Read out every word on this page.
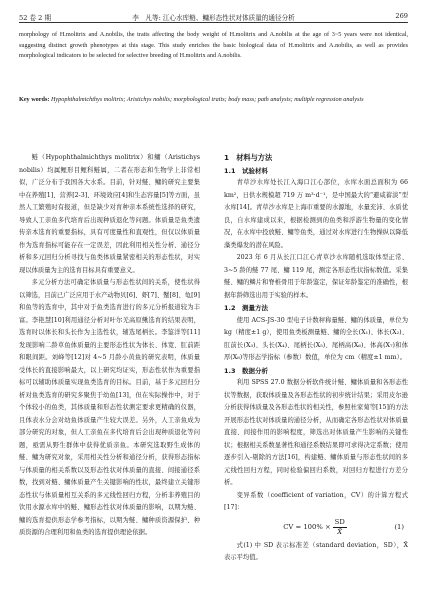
52 卷 2 期	李　凡等: 江心水库鲢、鳙形态性状对体质量的通径分析	269
morphology of H.molitrix and A.nobilis, the traits affecting the body weight of H.molitrix and A.nobilis at the age of 3~5 years were not identical, suggesting distinct growth phenotypes at this stage. This study enriches the basic biological data of H.molitrix and A.nobilis, as well as provides morphological indicators to be selected for selective breeding of H.molitrix and A.nobilis.
Key words: Hypophthalmichthys molitrix; Aristichys nobilis; morphological traits; body mass; path analysis; multiple regression analysis

鲢（Hypophthalmichthys molitrix）和鳙（Aristichys nobilis）均属鲤形目鲤科鲢属，二者在形态和生物学上非常相似，广泛分布于我国各大水系。目前，针对鲢、鳙的研究主要集中在养殖[1]、营养[2-3]、环境效应[4]和生态容量[5]等方面，虽然人工繁殖时有报道，但是缺少对育种亲本系统性选择的研究，导致人工亲鱼多代培育后出现种质退化等问题。体质量是鱼类遗传亲本选育的重要指标，具有可度量性和直观性，但仅以体质量作为选育指标可能存在一定误差，因此利用相关性分析、通径分析和多元回归分析寻找与鱼类体质量紧密相关的形态性状，对实现以体质量为主的选育目标具有重要意义。

多元分析方法可确定体质量与形态性状间的关系，使性状得以筛选，目前已广泛应用于水产动物贝[6]、虾[7]、蟹[8]、龟[9]和鱼等的选育中，其中对于鱼类选育进行的多元分析报道较为丰富。李艳慧[10]利用通径分析对叶尔羌高原鳅选育的结果表明，选育时以体长和头长作为主选性状，辅选尾柄长。李鉴洋等[11]发现影响二龄草鱼体质量的主要形态性状为体长、体宽、肛前距和眼间距。刘峰等[12]对 4~5 月龄小黄鱼的研究表明，体质量受体长的直接影响最大，以上研究均证实，形态性状作为重要指标可以辅助体质量实现鱼类选育的目标。目前，基于多元回归分析对鱼类选育的研究多聚焦于幼鱼[13]，但在实际操作中，对于个体较小的鱼类，其体质量和形态性状测定要求更精确的仪器，且体表水分会对幼鱼体质量产生较大误差。另外，人工亲鱼成为部分研究的对象，但人工亲鱼在多代培育后会出现种质退化等问题，亟需从野生群体中获得优质亲鱼。本研究选取野生成体的鲢、鳙为研究对象，采用相关性分析和通径分析，获得形态指标与体质量的相关系数以及形态性状对体质量的直接、间接通径系数，找到对鲢、鳙体质量产生关键影响的性状，最终建立关键形态性状与体质量相互关系的多元线性回归方程，分析非养殖目的饮用水源水库中的鲢、鳙形态性状对体质量的影响，以期为鲢、鳙的选育提供形态学参考指标，以期为鲢、鳙种质资源保护、种质资源的合理利用和鱼类的选育提供理论依据。

1　材料与方法

1.1　试验材料

青草沙水库处长江入海口江心部位，水库水面总面积为 66 km²，日供水规模超 719 万 m³·d⁻¹，是中国最大的“避咸蓄淡”型水库[14]。青草沙水库是上海市重要的水源地，水量充沛、水质优良，自水库建成以来，根据检测到的鱼类和浮游生物量的变化情况，在水库中投放鲢、鳙等鱼类，通过对水库进行生物操纵以降低藻类爆发的潜在风险。

2023 年 6 月从长江口江心青草沙水库随机选取体型正常、3~5 龄的鲢 77 尾、鳙 119 尾，测定各形态性状指标数值。采集鲢、鳙的鳞片和脊椎骨用于年龄鉴定，保证年龄鉴定的准确性，根据年龄筛选出用于实验的样本。

1.2　测量方法

使用 ACS-JS-30 型电子计数秤称量鲢、鳙的体质量，单位为 kg（精度±1 g），使用鱼类板测量鲢、鳙的全长(X₁)、体长(X₂)、肛前长(X₃)、头长(X₄)、尾柄长(X₅)、尾柄高(X₆)、体高(X₇)和体厚(X₈)等形态学指标（参数）数值，单位为 cm（精度±1 mm）。

1.3　数据分析

利用 SPSS 27.0 数据分析软件统计鲢、鳙体质量和各形态性状等数据，获取体质量及各形态性状的初步统计结果；采用皮尔逊分析获得体质量及各形态性状的相关性，参照杜家菊等[15]的方法开展形态性状对体质量的通径分析，从而确定各形态性状对体质量直接、间接作用的影响程度，筛选出对体质量产生影响的关键性状；根据相关系数显著性和通径系数结果即可求得决定系数；使用逐步引入-剔除的方法[16]，构建鲢、鳙体质量与形态性状间的多元线性回归方程，同时检验偏回归系数，对回归方程进行方差分析。

变异系数（coefficient of variation，CV）的计算方程式[17]：

CV = $100\% \times \frac{SD}{X̄}$	(1)

式(1) 中 SD 表示标准差（standard deviation，SD），X̄ 表示平均值。
